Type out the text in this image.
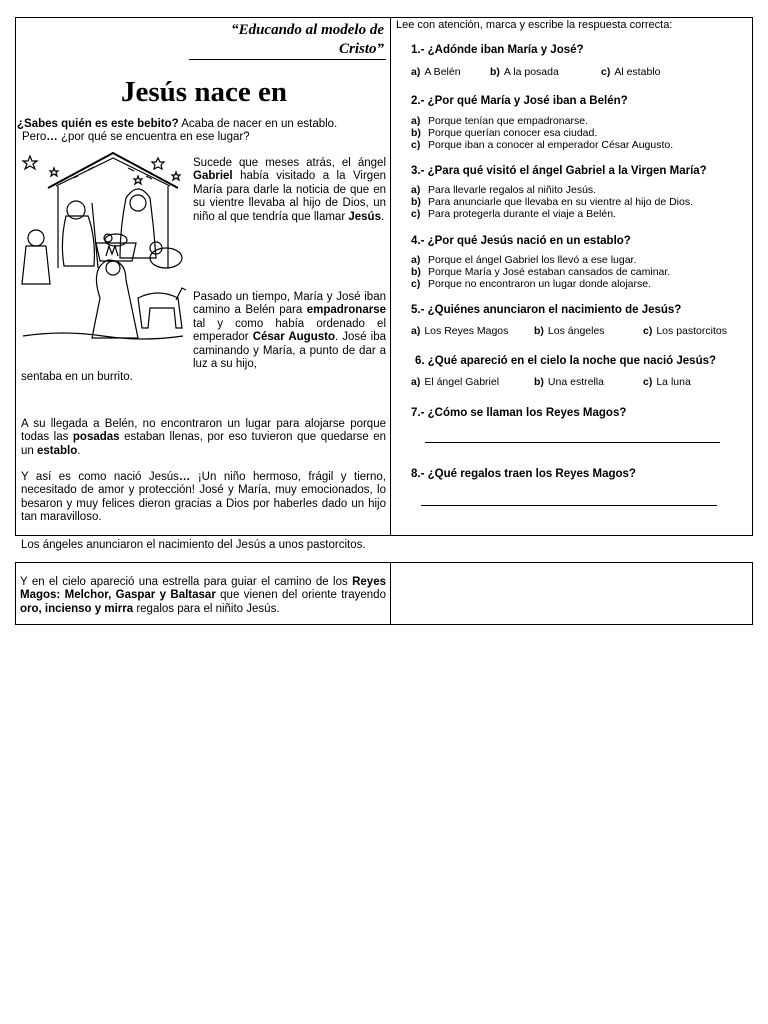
“Educando al modelo de Cristo”
Jesús nace en
¿Sabes quién es este bebito? Acaba de nacer en un establo.
Pero… ¿por qué se encuentra en ese lugar?
Sucede que meses atrás, el ángel Gabriel había visitado a la Virgen María para darle la noticia de que en su vientre llevaba al hijo de Dios, un niño al que tendría que llamar Jesús.
Pasado un tiempo, María y José iban camino a Belén para empadronarse tal y como había ordenado el emperador César Augusto. José iba caminando y María, a punto de dar a luz a su hijo,
sentaba en un burrito.
A su llegada a Belén, no encontraron un lugar para alojarse porque todas las posadas estaban llenas, por eso tuvieron que quedarse en un establo.
Y así es como nació Jesús… ¡Un niño hermoso, frágil y tierno, necesitado de amor y protección! José y María, muy emocionados, lo besaron y muy felices dieron gracias a Dios por haberles dado un hijo tan maravilloso.
Los ángeles anunciaron el nacimiento del Jesús a unos pastorcitos.
Lee con atención, marca y escribe la respuesta correcta:
1.- ¿Adónde iban María y José?
a) A Belén	b) A la posada	c) Al establo
2.- ¿Por qué María y José iban a Belén?
a) Porque tenían que empadronarse.
b) Porque querían conocer esa ciudad.
c) Porque iban a conocer al emperador César Augusto.
3.- ¿Para qué visitó el ángel Gabriel a la Virgen María?
a) Para llevarle regalos al niñito Jesús.
b) Para anunciarle que llevaba en su vientre al hijo de Dios.
c) Para protegerla durante el viaje a Belén.
4.- ¿Por qué Jesús nació en un establo?
a) Porque el ángel Gabriel los llevó a ese lugar.
b) Porque María y José estaban cansados de caminar.
c) Porque no encontraron un lugar donde alojarse.
5.- ¿Quiénes anunciaron el nacimiento de Jesús?
a) Los Reyes Magos b) Los ángeles	c) Los pastorcitos
6. ¿Qué apareció en el cielo la noche que nació Jesús?
a) El ángel Gabriel	b) Una estrella	c) La luna
7.- ¿Cómo se llaman los Reyes Magos?
8.- ¿Qué regalos traen los Reyes Magos?
Y en el cielo apareció una estrella para guiar el camino de los Reyes Magos: Melchor, Gaspar y Baltasar que vienen del oriente trayendo oro, incienso y mirra regalos para el niñito Jesús.
